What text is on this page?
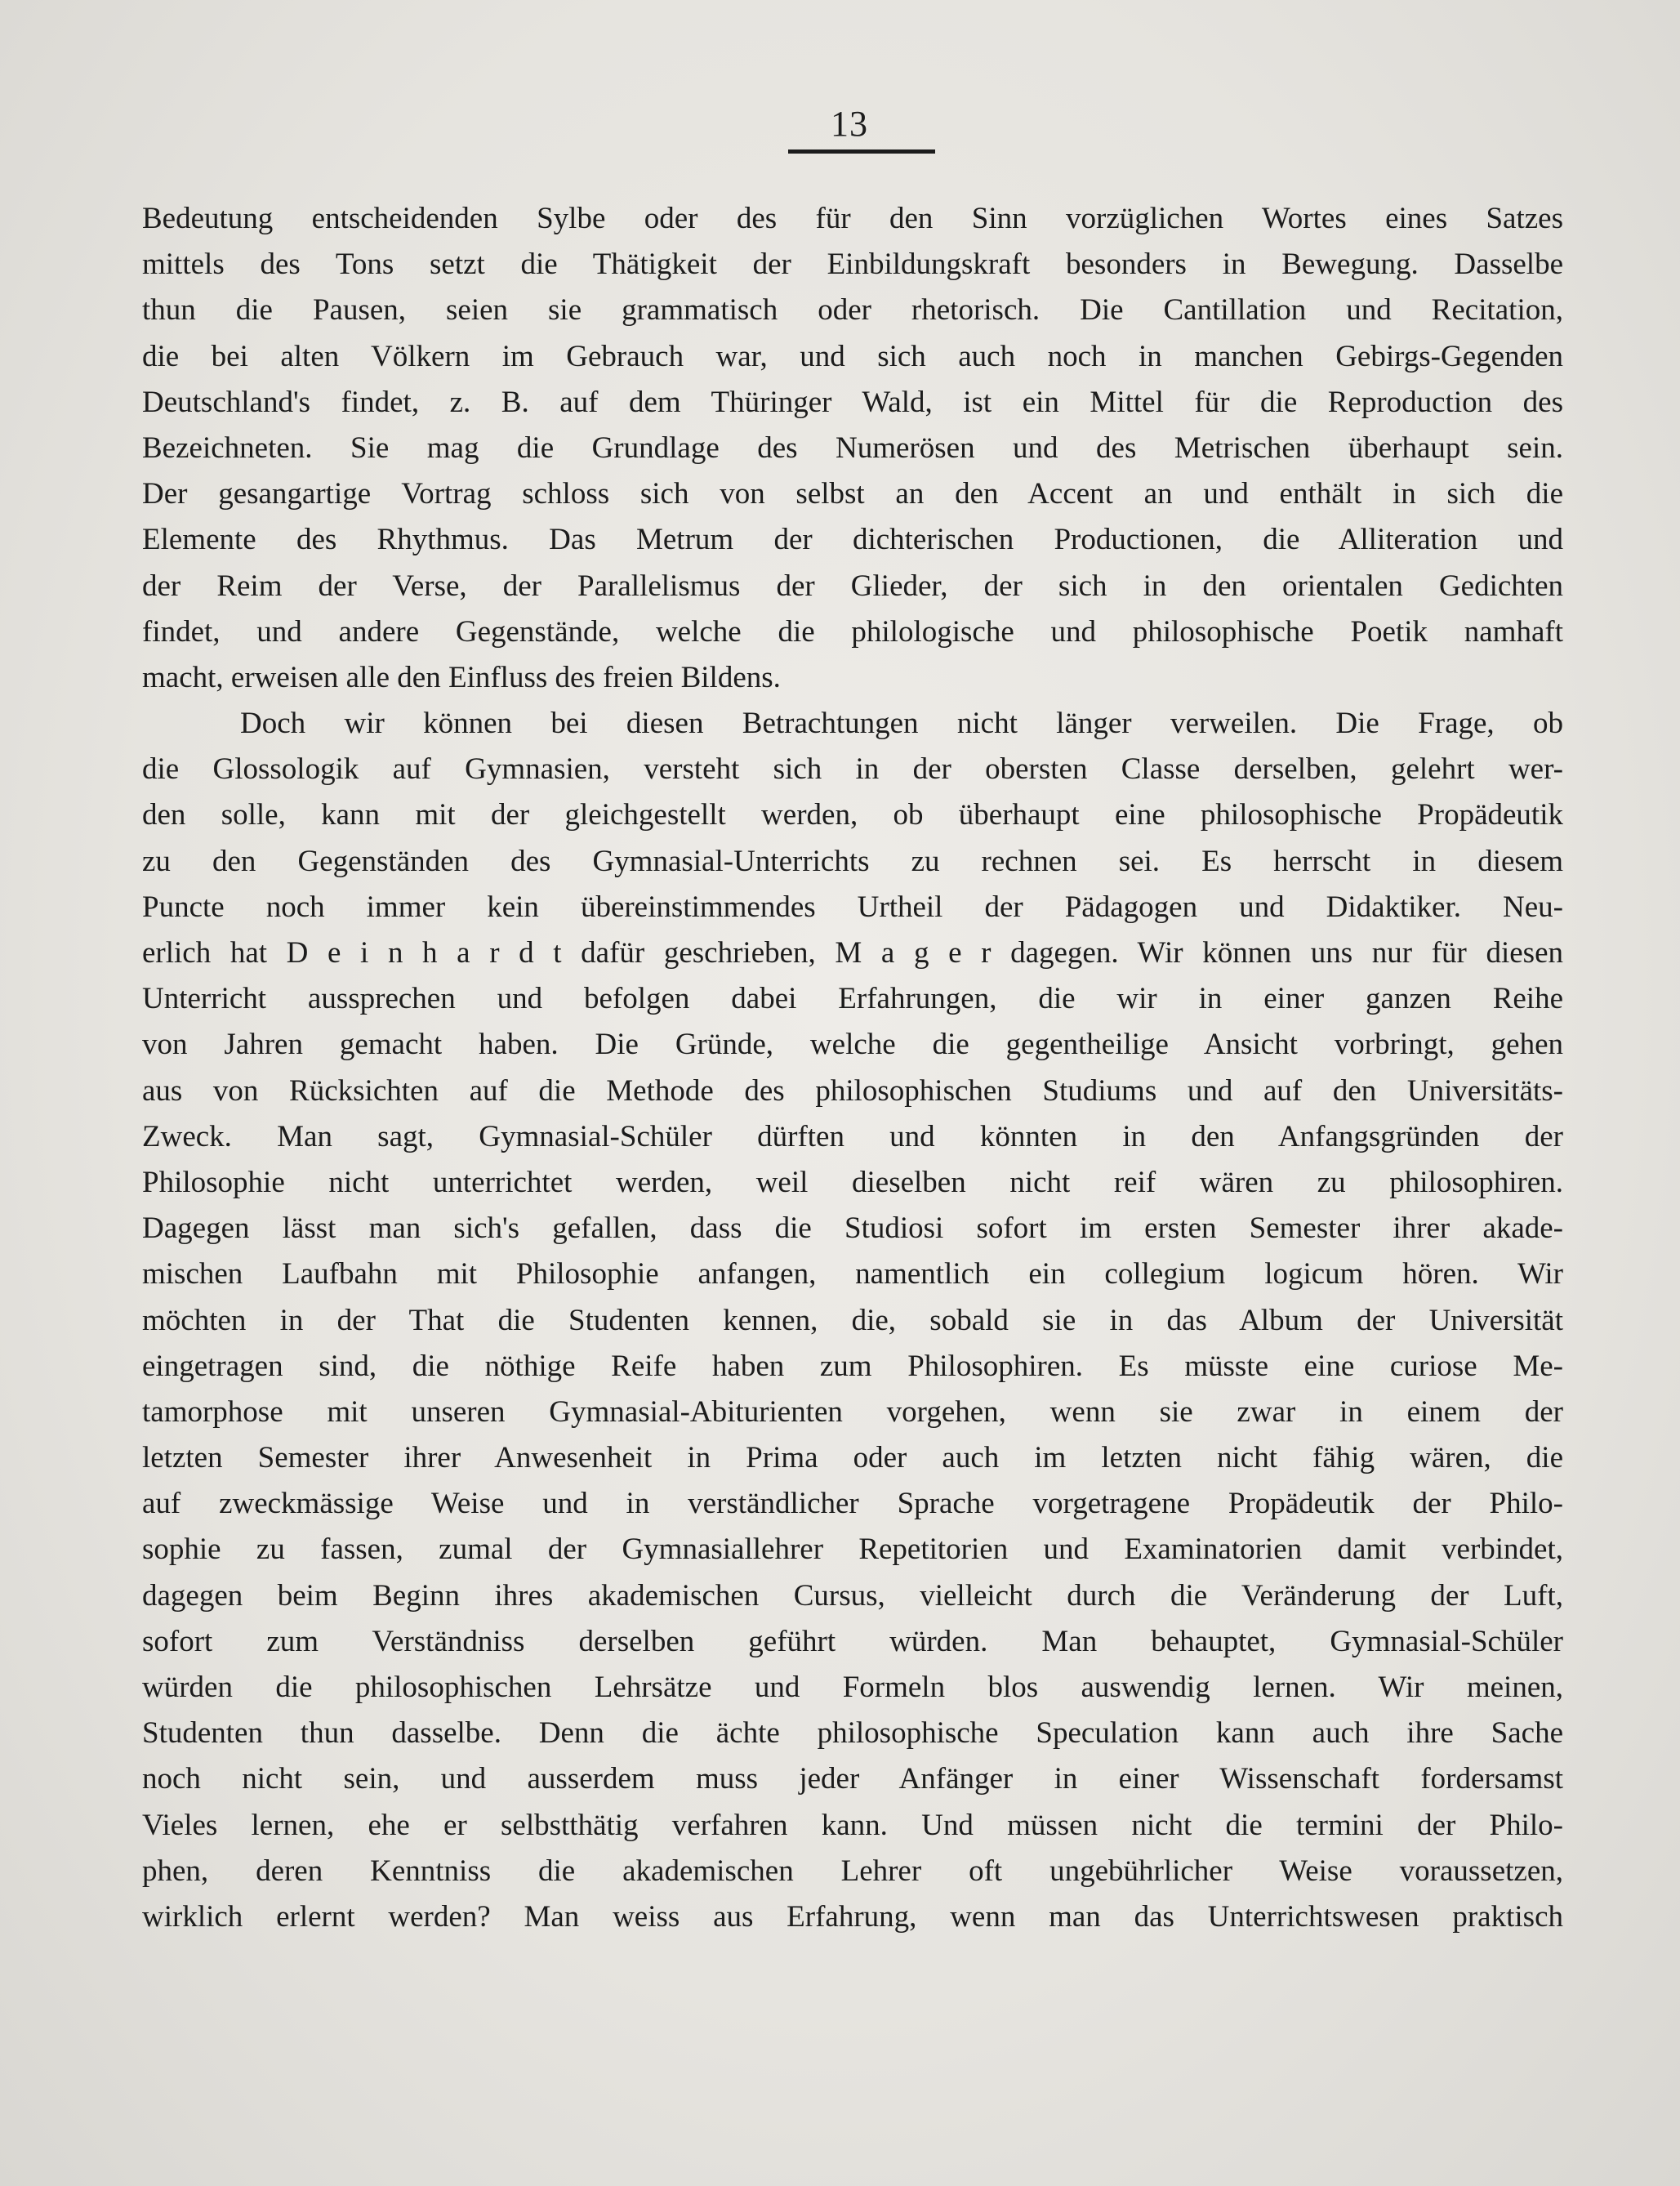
13
Bedeutung entscheidenden Sylbe oder des für den Sinn vorzüglichen Wortes eines Satzes
mittels des Tons setzt die Thätigkeit der Einbildungskraft besonders in Bewegung. Dasselbe
thun die Pausen, seien sie grammatisch oder rhetorisch. Die Cantillation und Recitation,
die bei alten Völkern im Gebrauch war, und sich auch noch in manchen Gebirgs-Gegenden
Deutschland's findet, z. B. auf dem Thüringer Wald, ist ein Mittel für die Reproduction des
Bezeichneten. Sie mag die Grundlage des Numerösen und des Metrischen überhaupt sein.
Der gesangartige Vortrag schloss sich von selbst an den Accent an und enthält in sich die
Elemente des Rhythmus. Das Metrum der dichterischen Productionen, die Alliteration und
der Reim der Verse, der Parallelismus der Glieder, der sich in den orientalen Gedichten
findet, und andere Gegenstände, welche die philologische und philosophische Poetik namhaft
macht, erweisen alle den Einfluss des freien Bildens.
Doch wir können bei diesen Betrachtungen nicht länger verweilen. Die Frage, ob
die Glossologik auf Gymnasien, versteht sich in der obersten Classe derselben, gelehrt wer-
den solle, kann mit der gleichgestellt werden, ob überhaupt eine philosophische Propädeutik
zu den Gegenständen des Gymnasial-Unterrichts zu rechnen sei. Es herrscht in diesem
Puncte noch immer kein übereinstimmendes Urtheil der Pädagogen und Didaktiker. Neu-
erlich hat D e i n h a r d t dafür geschrieben, M a g e r dagegen. Wir können uns nur für diesen
Unterricht aussprechen und befolgen dabei Erfahrungen, die wir in einer ganzen Reihe
von Jahren gemacht haben. Die Gründe, welche die gegentheilige Ansicht vorbringt, gehen
aus von Rücksichten auf die Methode des philosophischen Studiums und auf den Universitäts-
Zweck. Man sagt, Gymnasial-Schüler dürften und könnten in den Anfangsgründen der
Philosophie nicht unterrichtet werden, weil dieselben nicht reif wären zu philosophiren.
Dagegen lässt man sich's gefallen, dass die Studiosi sofort im ersten Semester ihrer akade-
mischen Laufbahn mit Philosophie anfangen, namentlich ein collegium logicum hören. Wir
möchten in der That die Studenten kennen, die, sobald sie in das Album der Universität
eingetragen sind, die nöthige Reife haben zum Philosophiren. Es müsste eine curiose Me-
tamorphose mit unseren Gymnasial-Abiturienten vorgehen, wenn sie zwar in einem der
letzten Semester ihrer Anwesenheit in Prima oder auch im letzten nicht fähig wären, die
auf zweckmässige Weise und in verständlicher Sprache vorgetragene Propädeutik der Philo-
sophie zu fassen, zumal der Gymnasiallehrer Repetitorien und Examinatorien damit verbindet,
dagegen beim Beginn ihres akademischen Cursus, vielleicht durch die Veränderung der Luft,
sofort zum Verständniss derselben geführt würden. Man behauptet, Gymnasial-Schüler
würden die philosophischen Lehrsätze und Formeln blos auswendig lernen. Wir meinen,
Studenten thun dasselbe. Denn die ächte philosophische Speculation kann auch ihre Sache
noch nicht sein, und ausserdem muss jeder Anfänger in einer Wissenschaft fordersamst
Vieles lernen, ehe er selbstthätig verfahren kann. Und müssen nicht die termini der Philo-
phen, deren Kenntniss die akademischen Lehrer oft ungebührlicher Weise voraussetzen,
wirklich erlernt werden? Man weiss aus Erfahrung, wenn man das Unterrichtswesen praktisch
